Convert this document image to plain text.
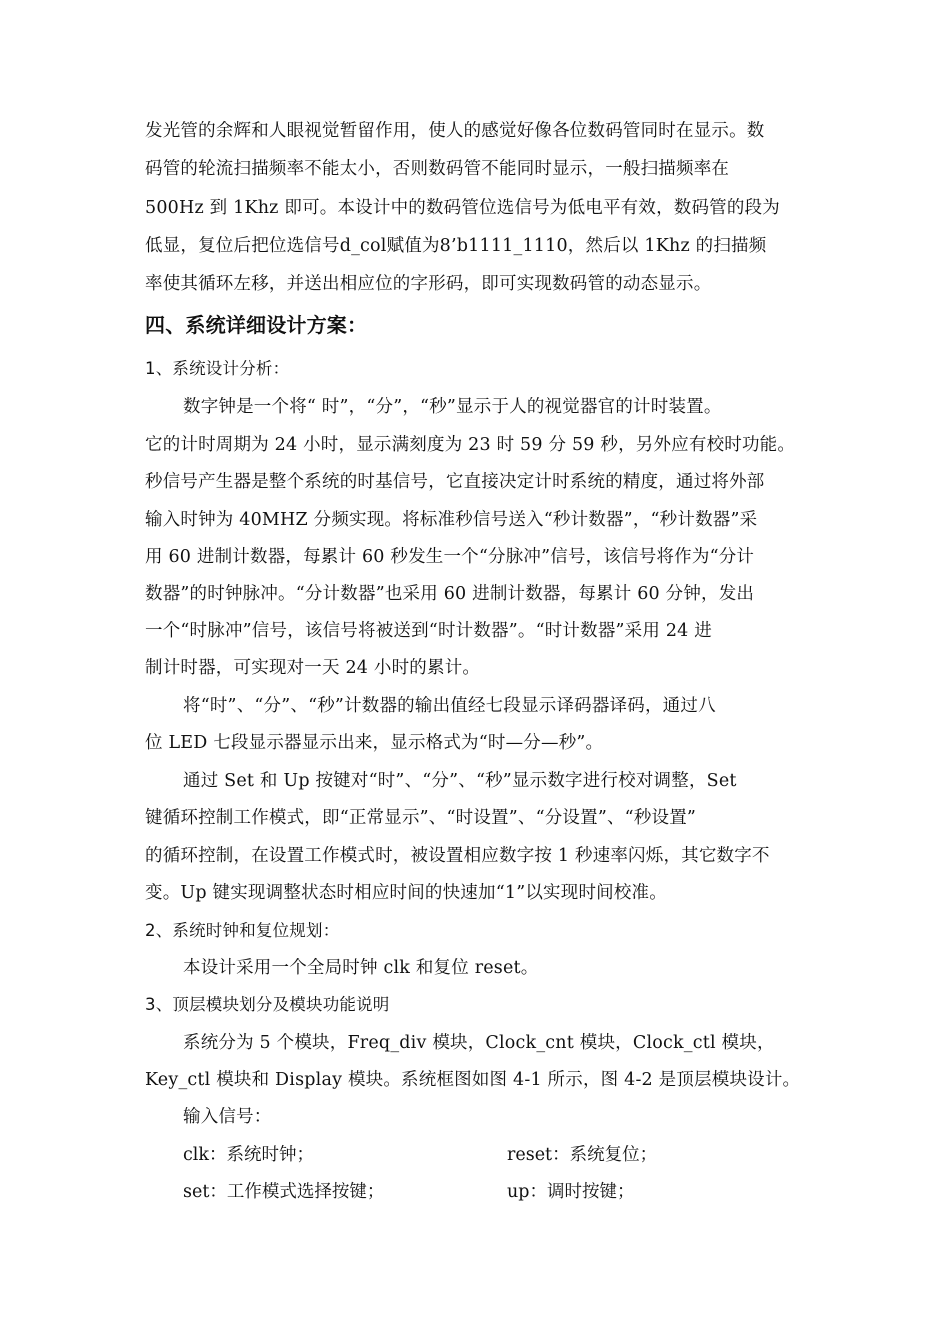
发光管的余辉和人眼视觉暂留作用，使人的感觉好像各位数码管同时在显示。数
码管的轮流扫描频率不能太小，否则数码管不能同时显示，一般扫描频率在
500Hz 到 1Khz 即可。本设计中的数码管位选信号为低电平有效，数码管的段为
低显，复位后把位选信号d_col赋值为8’b1111_1110，然后以 1Khz 的扫描频
率使其循环左移，并送出相应位的字形码，即可实现数码管的动态显示。
四、系统详细设计方案：
1、系统设计分析：
数字钟是一个将“ 时”，“分”，“秒”显示于人的视觉器官的计时装置。
它的计时周期为 24 小时，显示满刻度为 23 时 59 分 59 秒，另外应有校时功能。
秒信号产生器是整个系统的时基信号，它直接决定计时系统的精度，通过将外部
输入时钟为 40MHZ 分频实现。将标准秒信号送入“秒计数器”，“秒计数器”采
用 60 进制计数器，每累计 60 秒发生一个“分脉冲”信号，该信号将作为“分计
数器”的时钟脉冲。“分计数器”也采用 60 进制计数器，每累计 60 分钟，发出
一个“时脉冲”信号，该信号将被送到“时计数器”。“时计数器”采用 24 进
制计时器，可实现对一天 24 小时的累计。
将“时”、“分”、“秒”计数器的输出值经七段显示译码器译码，通过八
位 LED 七段显示器显示出来，显示格式为“时—分—秒”。
通过 Set 和 Up 按键对“时”、“分”、“秒”显示数字进行校对调整，Set
键循环控制工作模式，即“正常显示”、“时设置”、“分设置”、“秒设置”
的循环控制，在设置工作模式时，被设置相应数字按 1 秒速率闪烁，其它数字不
变。Up 键实现调整状态时相应时间的快速加“1”以实现时间校准。
2、系统时钟和复位规划：
本设计采用一个全局时钟 clk 和复位 reset。
3、顶层模块划分及模块功能说明
系统分为 5 个模块，Freq_div 模块，Clock_cnt 模块，Clock_ctl 模块，
Key_ctl 模块和 Display 模块。系统框图如图 4-1 所示，图 4-2 是顶层模块设计。
输入信号：
clk：系统时钟；	reset：系统复位；
set：工作模式选择按键；	up：调时按键；
